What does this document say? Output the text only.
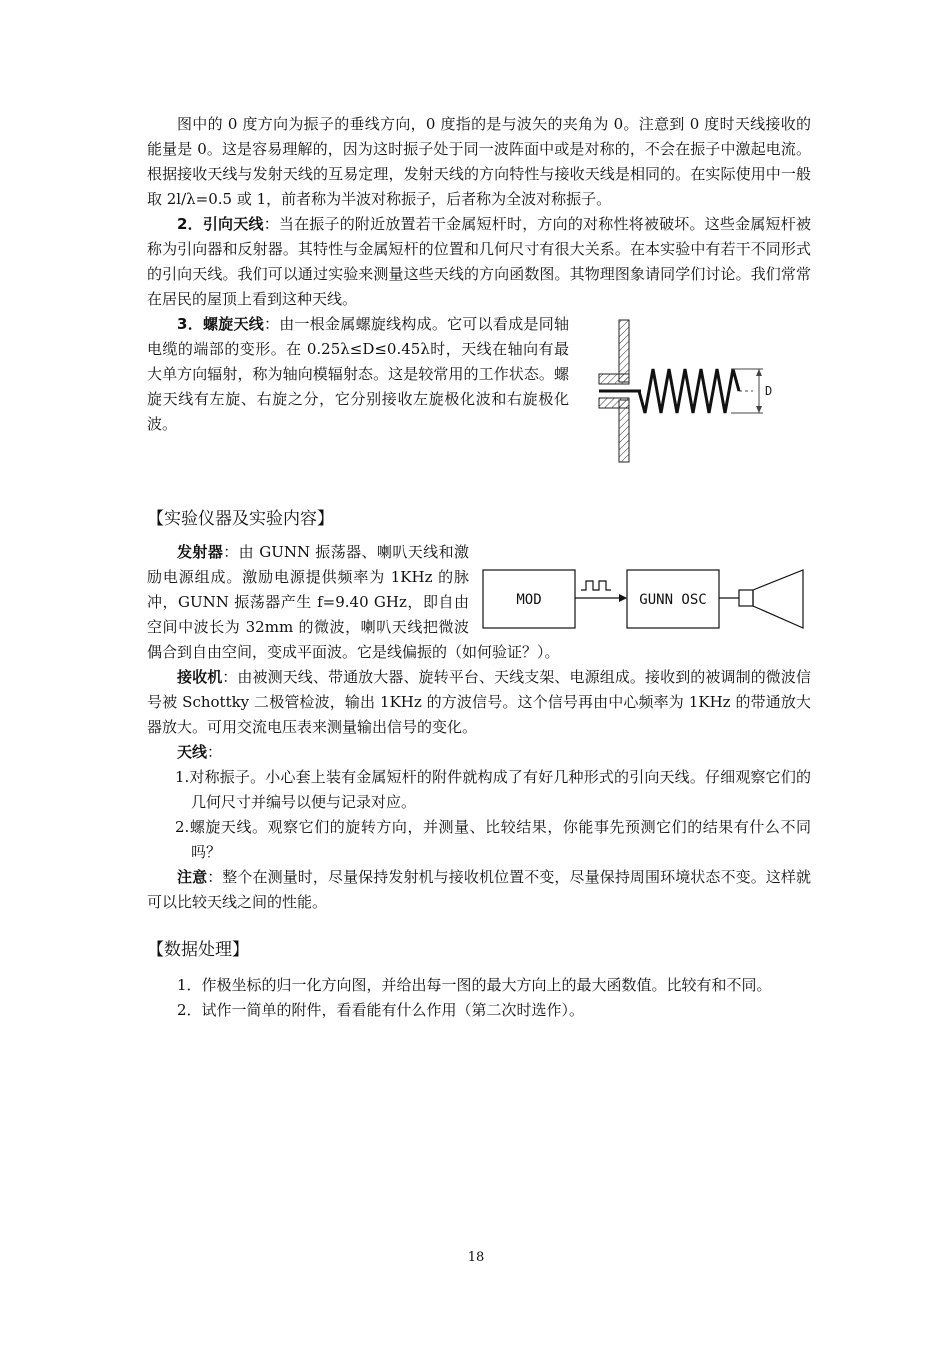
图中的 0 度方向为振子的垂线方向，0 度指的是与波矢的夹角为 0。注意到 0 度时天线接收的能量是 0。这是容易理解的，因为这时振子处于同一波阵面中或是对称的，不会在振子中激起电流。根据接收天线与发射天线的互易定理，发射天线的方向特性与接收天线是相同的。在实际使用中一般取 2l/λ=0.5 或 1，前者称为半波对称振子，后者称为全波对称振子。

2．引向天线：当在振子的附近放置若干金属短杆时，方向的对称性将被破坏。这些金属短杆被称为引向器和反射器。其特性与金属短杆的位置和几何尺寸有很大关系。在本实验中有若干不同形式的引向天线。我们可以通过实验来测量这些天线的方向函数图。其物理图象请同学们讨论。我们常常在居民的屋顶上看到这种天线。

D

3．螺旋天线：由一根金属螺旋线构成。它可以看成是同轴电缆的端部的变形。在 0.25λ≤D≤0.45λ时，天线在轴向有最大单方向辐射，称为轴向模辐射态。这是较常用的工作状态。螺旋天线有左旋、右旋之分，它分别接收左旋极化波和右旋极化波。

【实验仪器及实验内容】

MOD	GUNN OSC

发射器：由 GUNN 振荡器、喇叭天线和激励电源组成。激励电源提供频率为 1KHz 的脉冲，GUNN 振荡器产生 f=9.40 GHz，即自由空间中波长为 32mm 的微波，喇叭天线把微波偶合到自由空间，变成平面波。它是线偏振的（如何验证？）。

接收机：由被测天线、带通放大器、旋转平台、天线支架、电源组成。接收到的被调制的微波信号被 Schottky 二极管检波，输出 1KHz 的方波信号。这个信号再由中心频率为 1KHz 的带通放大器放大。可用交流电压表来测量输出信号的变化。

天线：

1.对称振子。小心套上装有金属短杆的附件就构成了有好几种形式的引向天线。仔细观察它们的几何尺寸并编号以便与记录对应。

2.螺旋天线。观察它们的旋转方向，并测量、比较结果，你能事先预测它们的结果有什么不同吗？

注意：整个在测量时，尽量保持发射机与接收机位置不变，尽量保持周围环境状态不变。这样就可以比较天线之间的性能。

【数据处理】

1．作极坐标的归一化方向图，并给出每一图的最大方向上的最大函数值。比较有和不同。

2．试作一简单的附件，看看能有什么作用（第二次时选作）。

18
